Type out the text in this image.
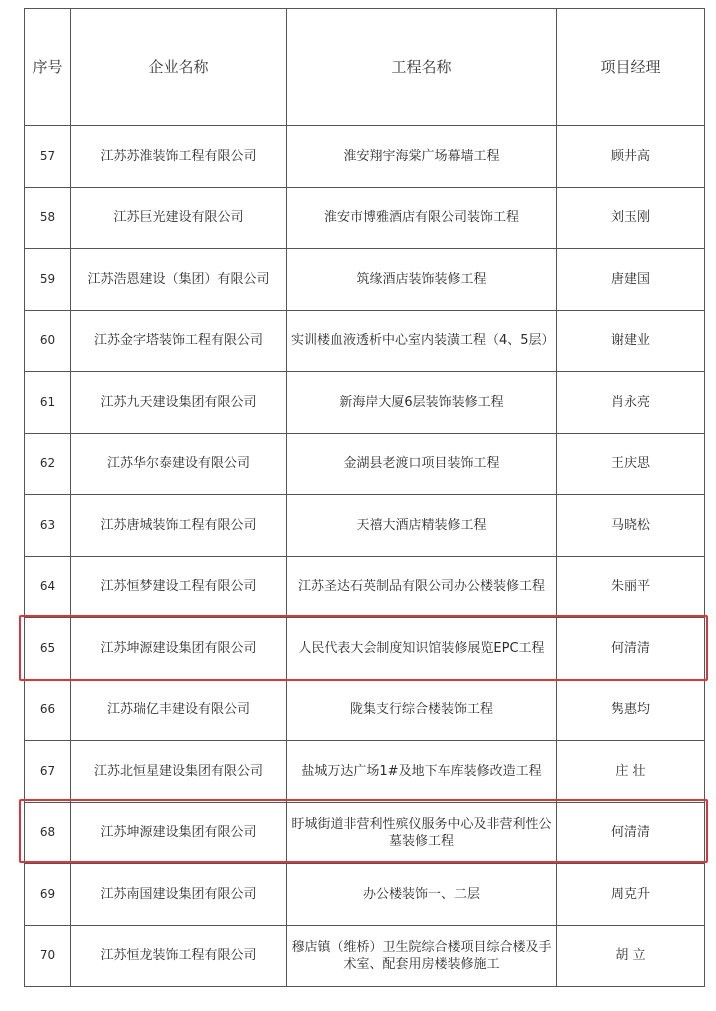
序号	企业名称	工程名称	项目经理
57	江苏苏淮装饰工程有限公司	淮安翔宇海棠广场幕墙工程	顾井高
58	江苏巨光建设有限公司	淮安市博雅酒店有限公司装饰工程	刘玉刚
59	江苏浩恩建设（集团）有限公司	筑缘酒店装饰装修工程	唐建国
60	江苏金字塔装饰工程有限公司	实训楼血液透析中心室内装潢工程（4、5层）	谢建业
61	江苏九天建设集团有限公司	新海岸大厦6层装饰装修工程	肖永亮
62	江苏华尔泰建设有限公司	金湖县老渡口项目装饰工程	王庆思
63	江苏唐城装饰工程有限公司	天禧大酒店精装修工程	马晓松
64	江苏恒梦建设工程有限公司	江苏圣达石英制品有限公司办公楼装修工程	朱丽平
65	江苏坤源建设集团有限公司	人民代表大会制度知识馆装修展览EPC工程	何清清
66	江苏瑞亿丰建设有限公司	陇集支行综合楼装饰工程	隽惠均
67	江苏北恒星建设集团有限公司	盐城万达广场1#及地下车库装修改造工程	庄 壮
68	江苏坤源建设集团有限公司	盱城街道非营利性殡仪服务中心及非营利性公墓装修工程	何清清
69	江苏南国建设集团有限公司	办公楼装饰一、二层	周克升
70	江苏恒龙装饰工程有限公司	穆店镇（维桥）卫生院综合楼项目综合楼及手术室、配套用房楼装修施工	胡 立
